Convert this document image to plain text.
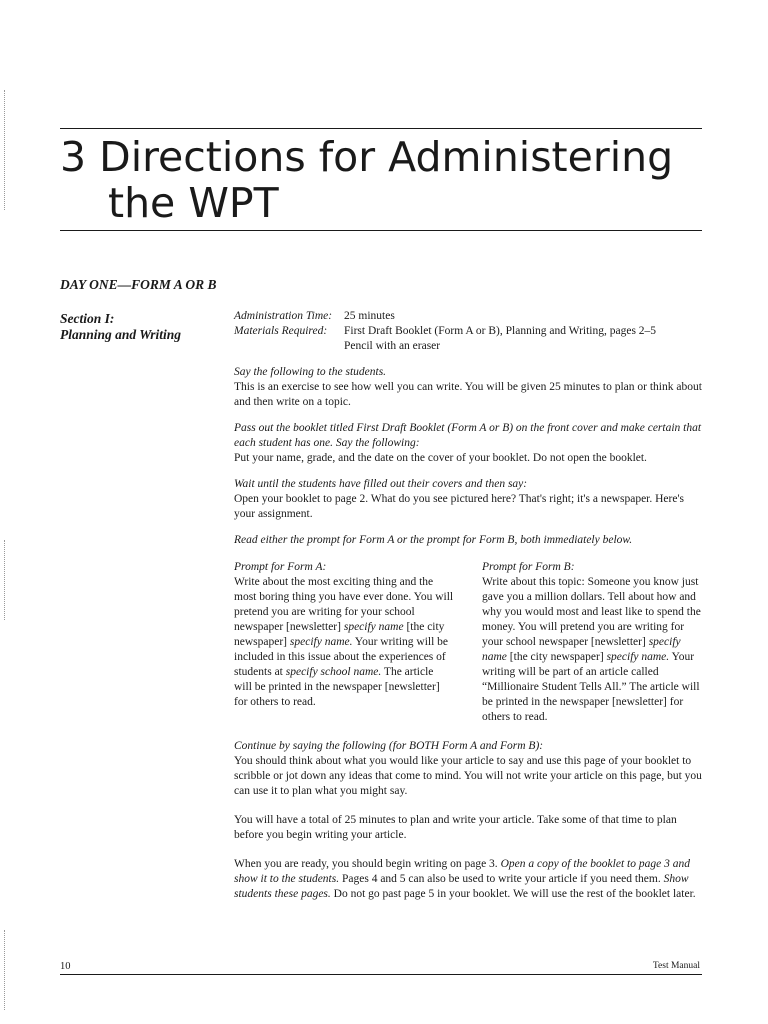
3 Directions for Administering
the WPT
DAY ONE—FORM A OR B
Section I:
Planning and Writing
Administration Time:	25 minutes
Materials Required:	First Draft Booklet (Form A or B), Planning and Writing, pages 2–5
Pencil with an eraser

Say the following to the students.

This is an exercise to see how well you can write. You will be given 25 minutes to plan or think about and then write on a topic.

Pass out the booklet titled First Draft Booklet (Form A or B) on the front cover and make certain that each student has one. Say the following:

Put your name, grade, and the date on the cover of your booklet. Do not open the booklet.

Wait until the students have filled out their covers and then say:

Open your booklet to page 2. What do you see pictured here? That's right; it's a newspaper. Here's your assignment.

Read either the prompt for Form A or the prompt for Form B, both immediately below.

Prompt for Form A:
Write about the most exciting thing and the most boring thing you have ever done. You will pretend you are writing for your school newspaper [newsletter] specify name [the city newspaper] specify name. Your writing will be included in this issue about the experiences of students at specify school name. The article will be printed in the newspaper [newsletter] for others to read.
Prompt for Form B:
Write about this topic: Someone you know just gave you a million dollars. Tell about how and why you would most and least like to spend the money. You will pretend you are writing for your school newspaper [newsletter] specify name [the city newspaper] specify name. Your writing will be part of an article called “Millionaire Student Tells All.” The article will be printed in the newspaper [newsletter] for others to read.

Continue by saying the following (for BOTH Form A and Form B):

You should think about what you would like your article to say and use this page of your booklet to scribble or jot down any ideas that come to mind. You will not write your article on this page, but you can use it to plan what you might say.

You will have a total of 25 minutes to plan and write your article. Take some of that time to plan before you begin writing your article.

When you are ready, you should begin writing on page 3. Open a copy of the booklet to page 3 and show it to the students. Pages 4 and 5 can also be used to write your article if you need them. Show students these pages. Do not go past page 5 in your booklet. We will use the rest of the booklet later.

10	Test Manual
